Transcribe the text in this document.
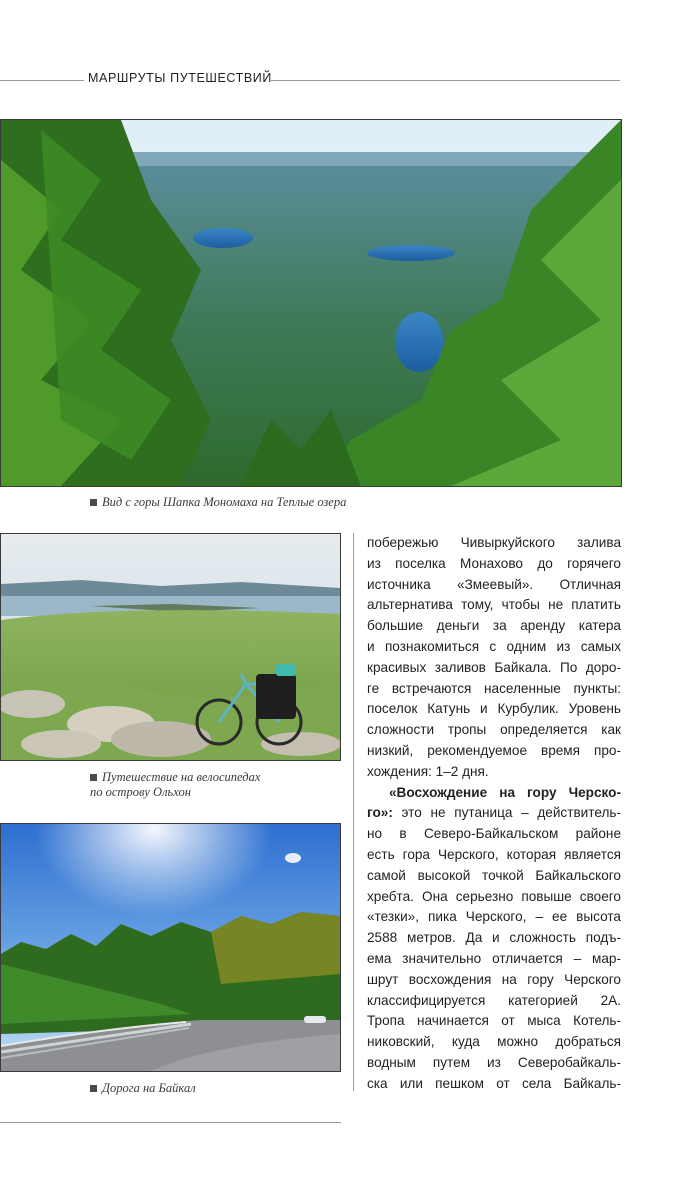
МАРШРУТЫ ПУТЕШЕСТВИЙ
Вид с горы Шапка Мономаха на Теплые озера
Путешествие на велосипедах
по острову Ольхон
Дорога на Байкал

побережью Чивыркуйского залива
из поселка Монахово до горячего
источника «Змеевый». Отличная
альтернатива тому, чтобы не платить
большие деньги за аренду катера
и познакомиться с одним из самых
красивых заливов Байкала. По доро-
ге встречаются населенные пункты:
поселок Катунь и Курбулик. Уровень
сложности тропы определяется как
низкий, рекомендуемое время про-
хождения: 1–2 дня.

«Восхождение на гору Черско-
го»: это не путаница – действитель-
но в Северо-Байкальском районе
есть гора Черского, которая является
самой высокой точкой Байкальского
хребта. Она серьезно повыше своего
«тезки», пика Черского, – ее высота
2588 метров. Да и сложность подъ-
ема значительно отличается – мар-
шрут восхождения на гору Черского
классифицируется категорией 2А.
Тропа начинается от мыса Котель-
никовский, куда можно добраться
водным путем из Северобайкаль-
ска или пешком от села Байкаль-
